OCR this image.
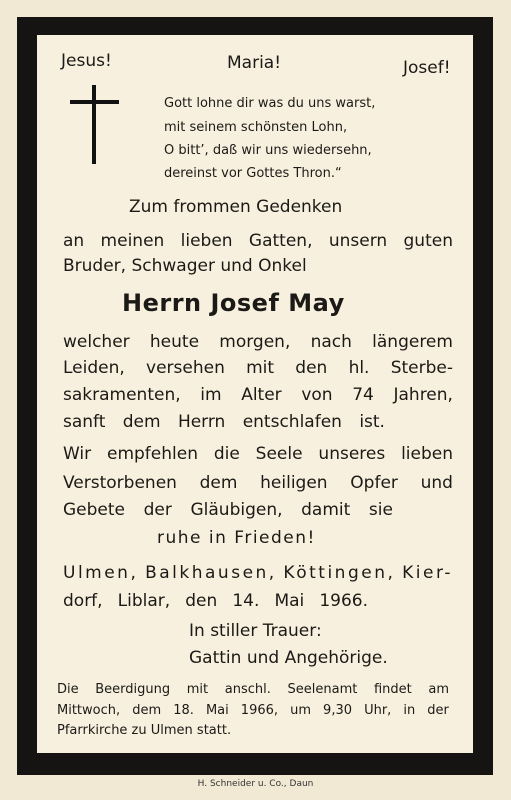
Jesus!	Maria!	Josef!
Gott lohne dir was du uns warst,
mit seinem schönsten Lohn,
O bitt’, daß wir uns wiedersehn,
dereinst vor Gottes Thron.“
Zum frommen Gedenken
an meinen lieben Gatten, unsern guten
Bruder, Schwager und Onkel
Herrn Josef May
welcher heute morgen, nach längerem
Leiden, versehen mit den hl. Sterbe-
sakramenten, im Alter von 74 Jahren,
sanft dem Herrn entschlafen ist.
Wir empfehlen die Seele unseres lieben
Verstorbenen dem heiligen Opfer und
Gebete der Gläubigen, damit sie
ruhe in Frieden!
Ulmen, Balkhausen, Köttingen, Kier-
dorf, Liblar, den 14. Mai 1966.
In stiller Trauer:
Gattin und Angehörige.
Die Beerdigung mit anschl. Seelenamt findet am
Mittwoch, dem 18. Mai 1966, um 9,30 Uhr, in der
Pfarrkirche zu Ulmen statt.
H. Schneider u. Co., Daun
